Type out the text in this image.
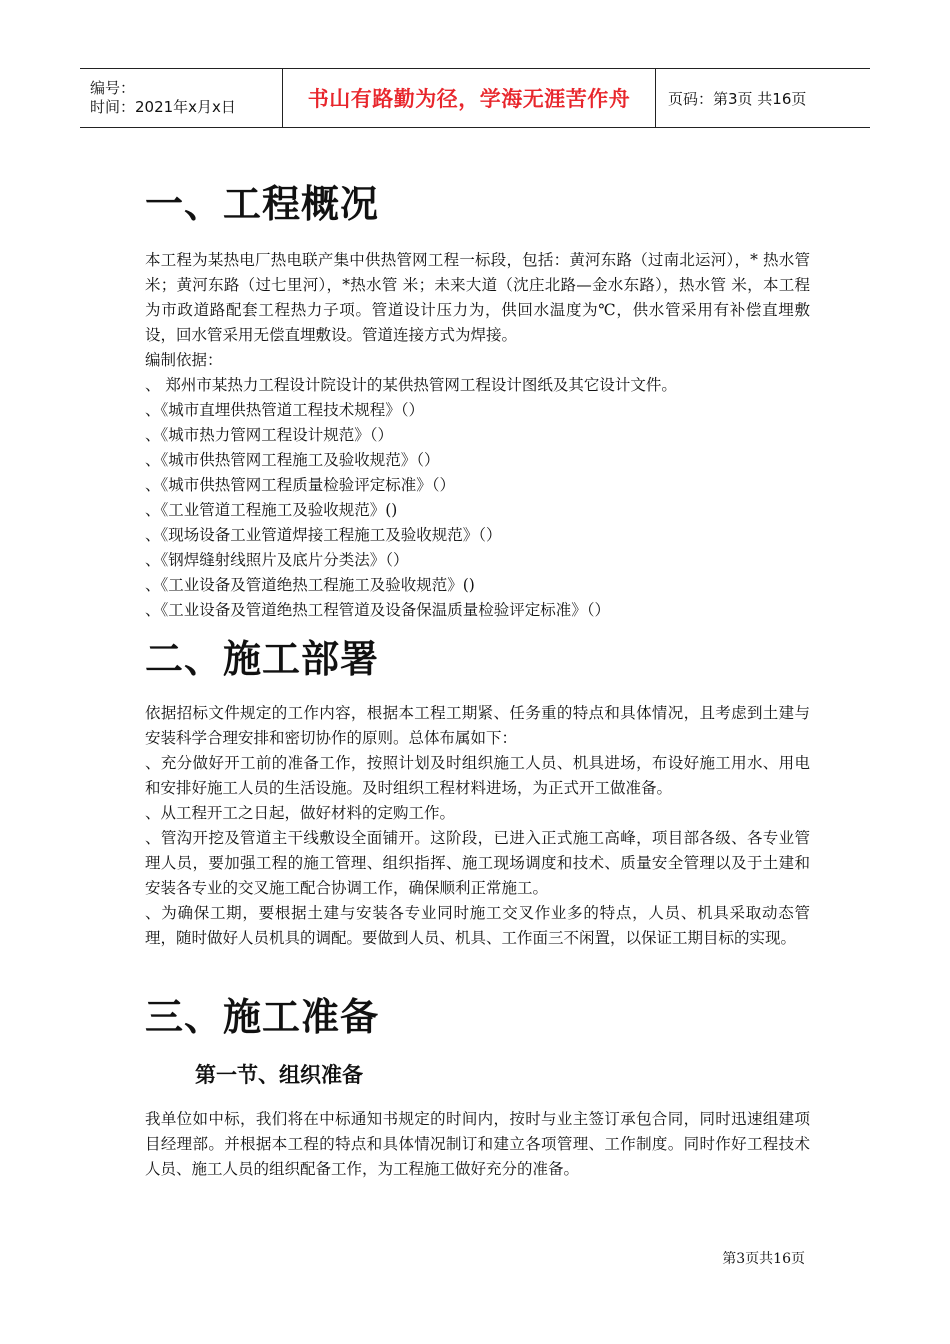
编号：
时间：2021年x月x日	书山有路勤为径，学海无涯苦作舟	页码：第3页 共16页
一、工程概况

本工程为某热电厂热电联产集中供热管网工程一标段，包括：黄河东路（过南北运河），* 热水管 米；黄河东路（过七里河），*热水管 米；未来大道（沈庄北路—金水东路），热水管 米，本工程为市政道路配套工程热力子项。管道设计压力为，供回水温度为℃，供水管采用有补偿直埋敷设，回水管采用无偿直埋敷设。管道连接方式为焊接。

编制依据：

、 郑州市某热力工程设计院设计的某供热管网工程设计图纸及其它设计文件。

、《城市直埋供热管道工程技术规程》（）

、《城市热力管网工程设计规范》（）

、《城市供热管网工程施工及验收规范》（）

、《城市供热管网工程质量检验评定标准》（）

、《工业管道工程施工及验收规范》()

、《现场设备工业管道焊接工程施工及验收规范》（）

、《钢焊缝射线照片及底片分类法》（）

、《工业设备及管道绝热工程施工及验收规范》()

、《工业设备及管道绝热工程管道及设备保温质量检验评定标准》（）

二、施工部署

依据招标文件规定的工作内容，根据本工程工期紧、任务重的特点和具体情况，且考虑到土建与安装科学合理安排和密切协作的原则。总体布属如下：

、充分做好开工前的准备工作，按照计划及时组织施工人员、机具进场，布设好施工用水、用电和安排好施工人员的生活设施。及时组织工程材料进场，为正式开工做准备。

、从工程开工之日起，做好材料的定购工作。

、管沟开挖及管道主干线敷设全面铺开。这阶段，已进入正式施工高峰，项目部各级、各专业管理人员，要加强工程的施工管理、组织指挥、施工现场调度和技术、质量安全管理以及于土建和安装各专业的交叉施工配合协调工作，确保顺利正常施工。

、为确保工期，要根据土建与安装各专业同时施工交叉作业多的特点，人员、机具采取动态管理，随时做好人员机具的调配。要做到人员、机具、工作面三不闲置，以保证工期目标的实现。

三、施工准备
第一节、组织准备

我单位如中标，我们将在中标通知书规定的时间内，按时与业主签订承包合同，同时迅速组建项目经理部。并根据本工程的特点和具体情况制订和建立各项管理、工作制度。同时作好工程技术人员、施工人员的组织配备工作，为工程施工做好充分的准备。

第3页共16页
